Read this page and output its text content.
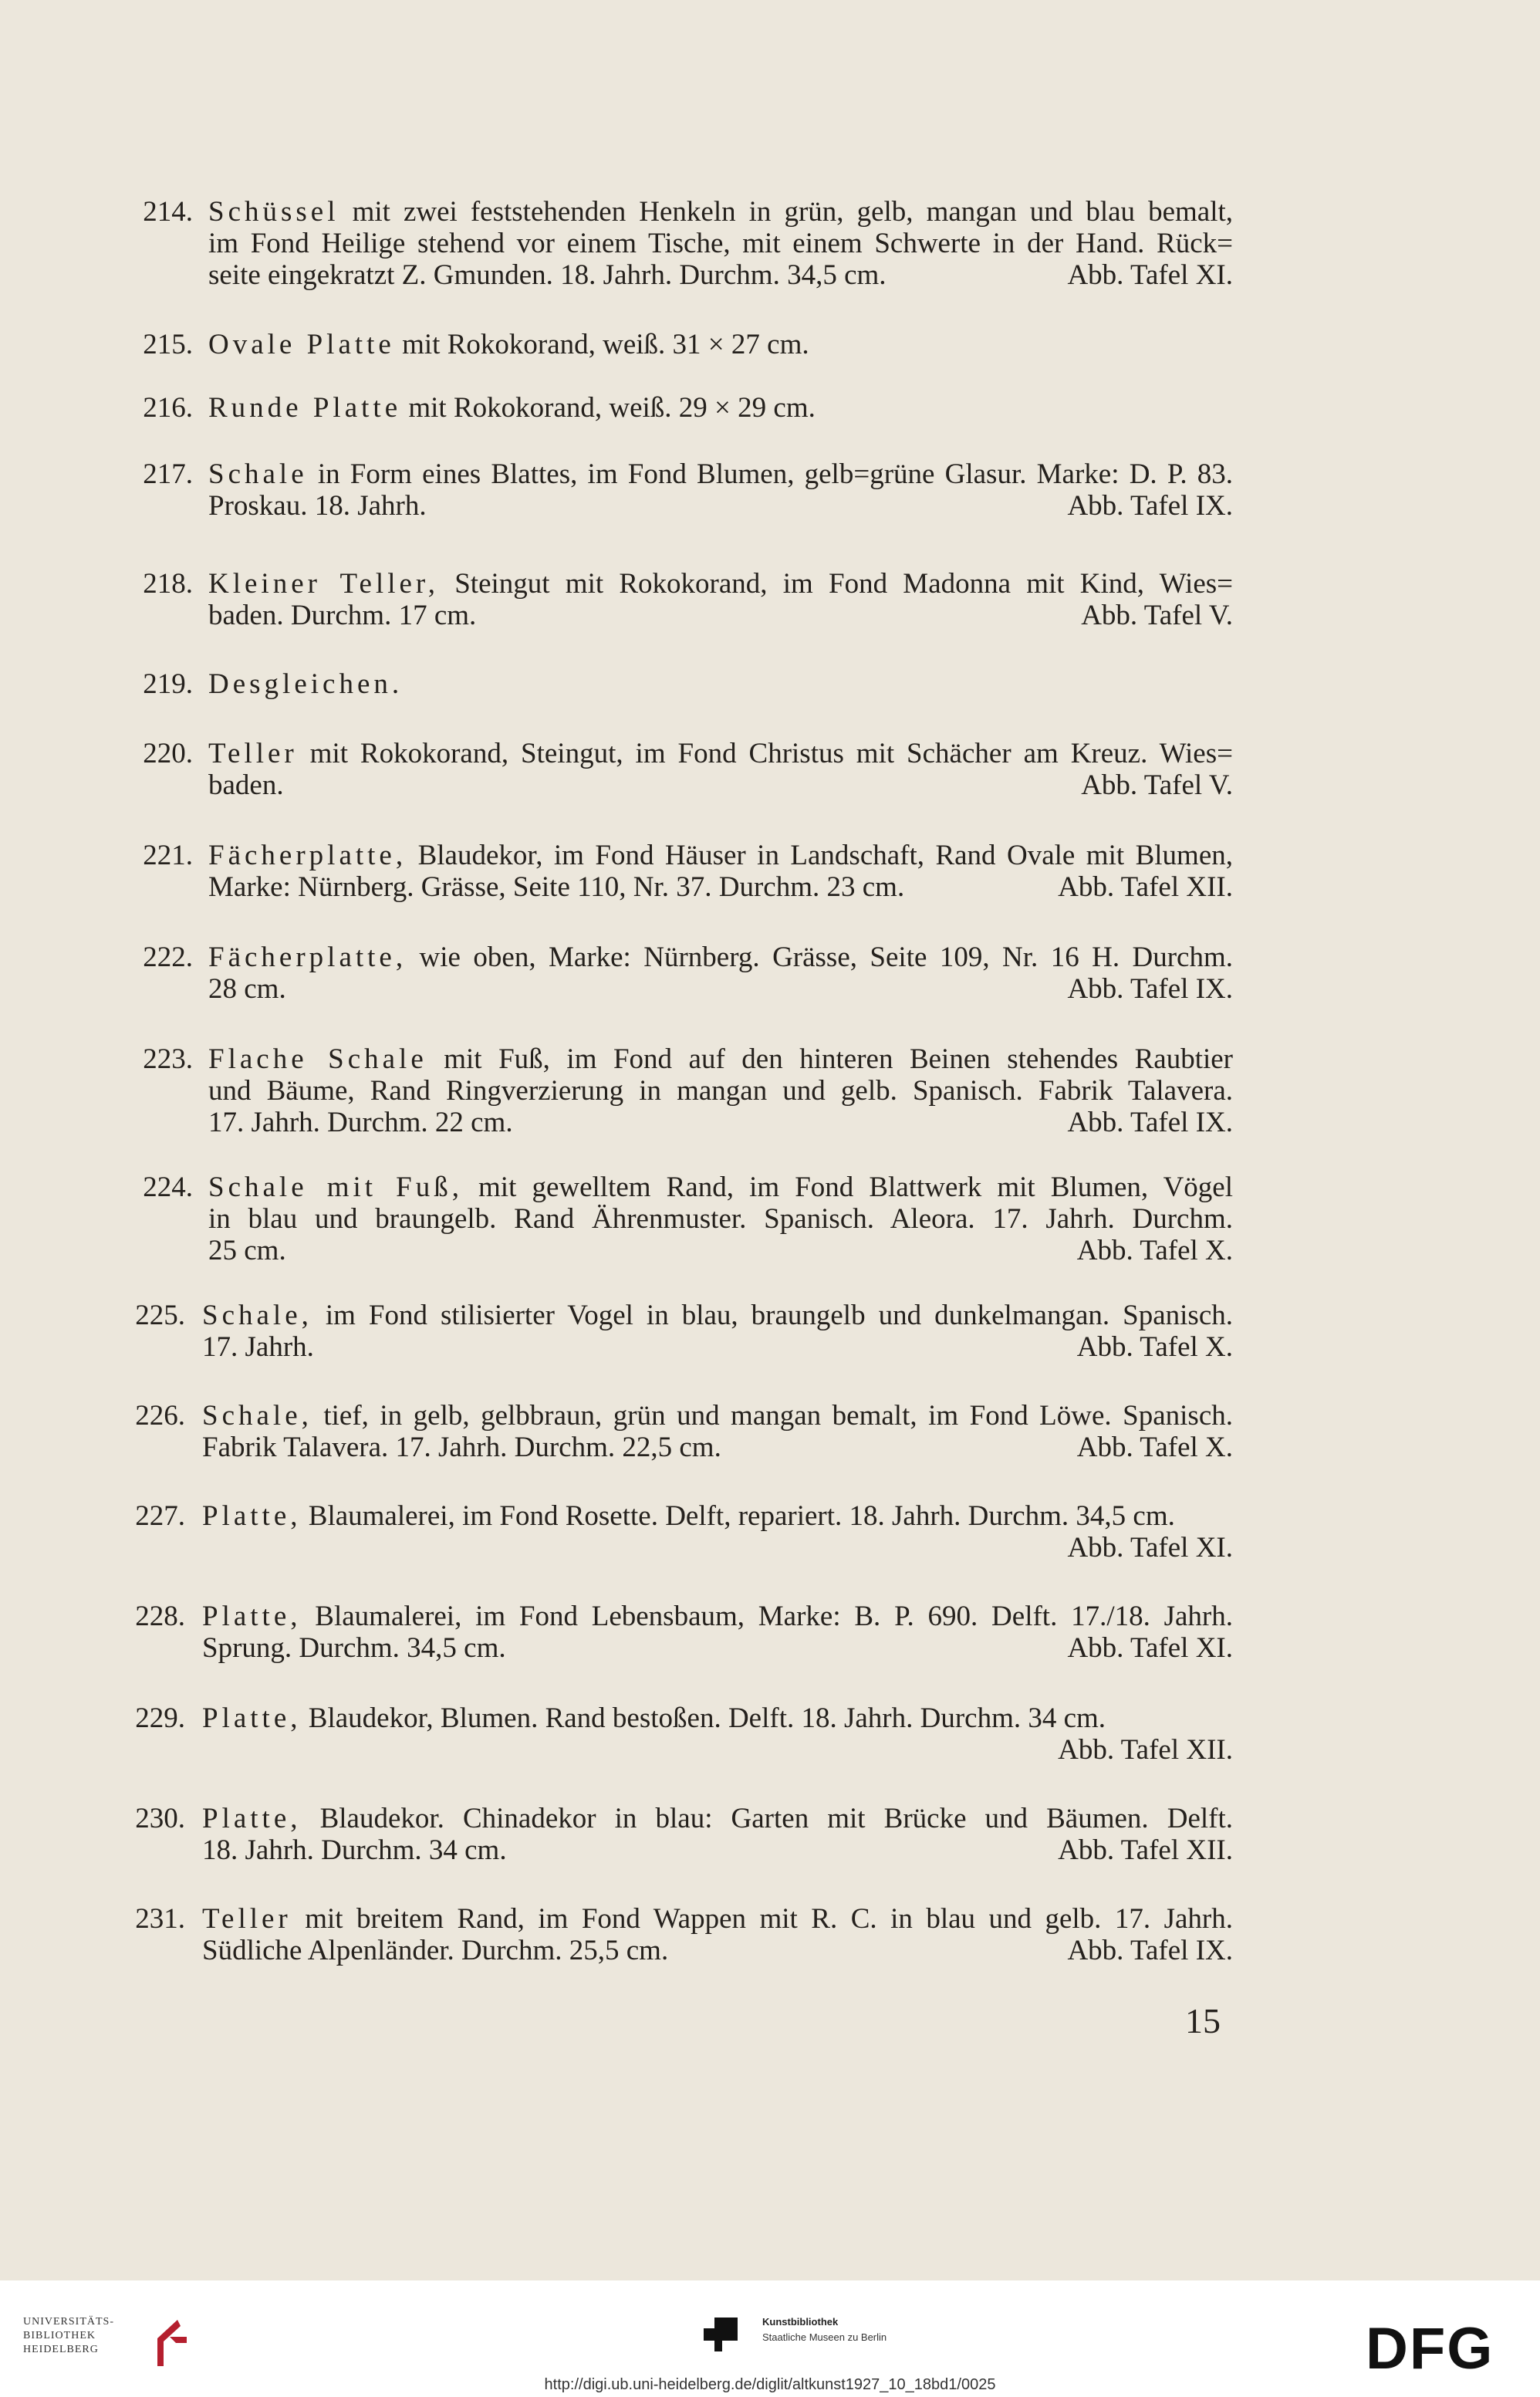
214. Schüssel mit zwei feststehenden Henkeln in grün, gelb, mangan und blau bemalt,
im Fond Heilige stehend vor einem Tische, mit einem Schwerte in der Hand. Rück=
seite eingekratzt Z. Gmunden. 18. Jahrh. Durchm. 34,5 cm.	Abb. Tafel XI.
215. Ovale Platte mit Rokokorand, weiß. 31 × 27 cm.
216. Runde Platte mit Rokokorand, weiß. 29 × 29 cm.
217. Schale in Form eines Blattes, im Fond Blumen, gelb=grüne Glasur. Marke: D. P. 83.
Proskau. 18. Jahrh.	Abb. Tafel IX.
218. Kleiner Teller, Steingut mit Rokokorand, im Fond Madonna mit Kind, Wies=
baden. Durchm. 17 cm.	Abb. Tafel V.
219. Desgleichen.
220. Teller mit Rokokorand, Steingut, im Fond Christus mit Schächer am Kreuz. Wies=
baden.	Abb. Tafel V.
221. Fächerplatte, Blaudekor, im Fond Häuser in Landschaft, Rand Ovale mit Blumen,
Marke: Nürnberg. Grässe, Seite 110, Nr. 37. Durchm. 23 cm.	Abb. Tafel XII.
222. Fächerplatte, wie oben, Marke: Nürnberg. Grässe, Seite 109, Nr. 16 H. Durchm.
28 cm.	Abb. Tafel IX.
223. Flache Schale mit Fuß, im Fond auf den hinteren Beinen stehendes Raubtier
und Bäume, Rand Ringverzierung in mangan und gelb. Spanisch. Fabrik Talavera.
17. Jahrh. Durchm. 22 cm.	Abb. Tafel IX.
224. Schale mit Fuß, mit gewelltem Rand, im Fond Blattwerk mit Blumen, Vögel
in blau und braungelb. Rand Ährenmuster. Spanisch. Aleora. 17. Jahrh. Durchm.
25 cm.	Abb. Tafel X.
225. Schale, im Fond stilisierter Vogel in blau, braungelb und dunkelmangan. Spanisch.
17. Jahrh.	Abb. Tafel X.
226. Schale, tief, in gelb, gelbbraun, grün und mangan bemalt, im Fond Löwe. Spanisch.
Fabrik Talavera. 17. Jahrh. Durchm. 22,5 cm.	Abb. Tafel X.
227. Platte, Blaumalerei, im Fond Rosette. Delft, repariert. 18. Jahrh. Durchm. 34,5 cm.
Abb. Tafel XI.
228. Platte, Blaumalerei, im Fond Lebensbaum, Marke: B. P. 690. Delft. 17./18. Jahrh.
Sprung. Durchm. 34,5 cm.	Abb. Tafel XI.
229. Platte, Blaudekor, Blumen. Rand bestoßen. Delft. 18. Jahrh. Durchm. 34 cm.
Abb. Tafel XII.
230. Platte, Blaudekor. Chinadekor in blau: Garten mit Brücke und Bäumen. Delft.
18. Jahrh. Durchm. 34 cm.	Abb. Tafel XII.
231. Teller mit breitem Rand, im Fond Wappen mit R. C. in blau und gelb. 17. Jahrh.
Südliche Alpenländer. Durchm. 25,5 cm.	Abb. Tafel IX.
15
UNIVERSITÄTS-
BIBLIOTHEK
HEIDELBERG
Kunstbibliothek
Staatliche Museen zu Berlin	DFG
http://digi.ub.uni-heidelberg.de/diglit/altkunst1927_10_18bd1/0025
